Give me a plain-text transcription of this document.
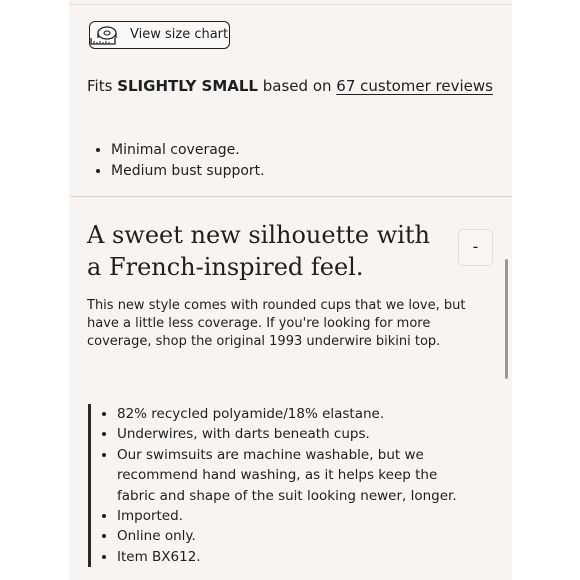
View size chart
Fits SLIGHTLY SMALL based on 67 customer reviews
• Minimal coverage.
• Medium bust support.
A sweet new silhouette with a French-inspired feel.
-

This new style comes with rounded cups that we love, but have a little less coverage. If you're looking for more coverage, shop the original 1993 underwire bikini top.

• 82% recycled polyamide/18% elastane.
• Underwires, with darts beneath cups.
• Our swimsuits are machine washable, but we recommend hand washing, as it helps keep the fabric and shape of the suit looking newer, longer.
• Imported.
• Online only.
• Item BX612.
